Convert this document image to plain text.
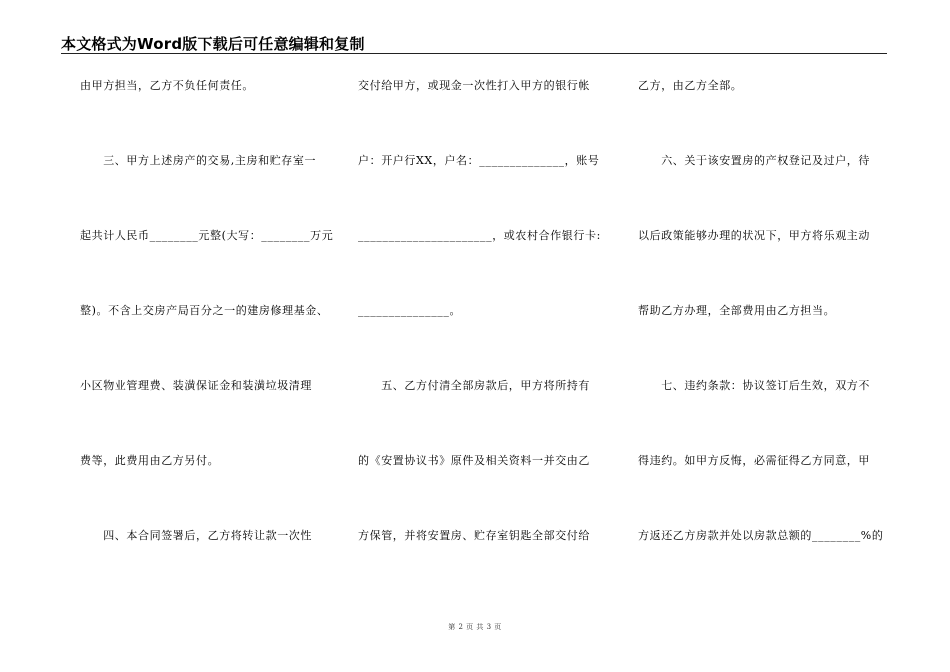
本文格式为Word版下载后可任意编辑和复制
由甲方担当，乙方不负任何责任。
　　三、甲方上述房产的交易,主房和贮存室一
起共计人民币________元整(大写：________万元
整)。不含上交房产局百分之一的建房修理基金、
小区物业管理费、装潢保证金和装潢垃圾清理
费等，此费用由乙方另付。
　　四、本合同签署后，乙方将转让款一次性
交付给甲方，或现金一次性打入甲方的银行帐
户：开户行XX，户名：______________，账号
______________________，或农村合作银行卡:
_______________。
　　五、乙方付清全部房款后，甲方将所持有
的《安置协议书》原件及相关资料一并交由乙
方保管，并将安置房、贮存室钥匙全部交付给
乙方，由乙方全部。
　　六、关于该安置房的产权登记及过户，待
以后政策能够办理的状况下，甲方将乐观主动
帮助乙方办理，全部费用由乙方担当。
　　七、违约条款：协议签订后生效，双方不
得违约。如甲方反悔，必需征得乙方同意，甲
方返还乙方房款并处以房款总额的________%的
第 2 页 共 3 页
